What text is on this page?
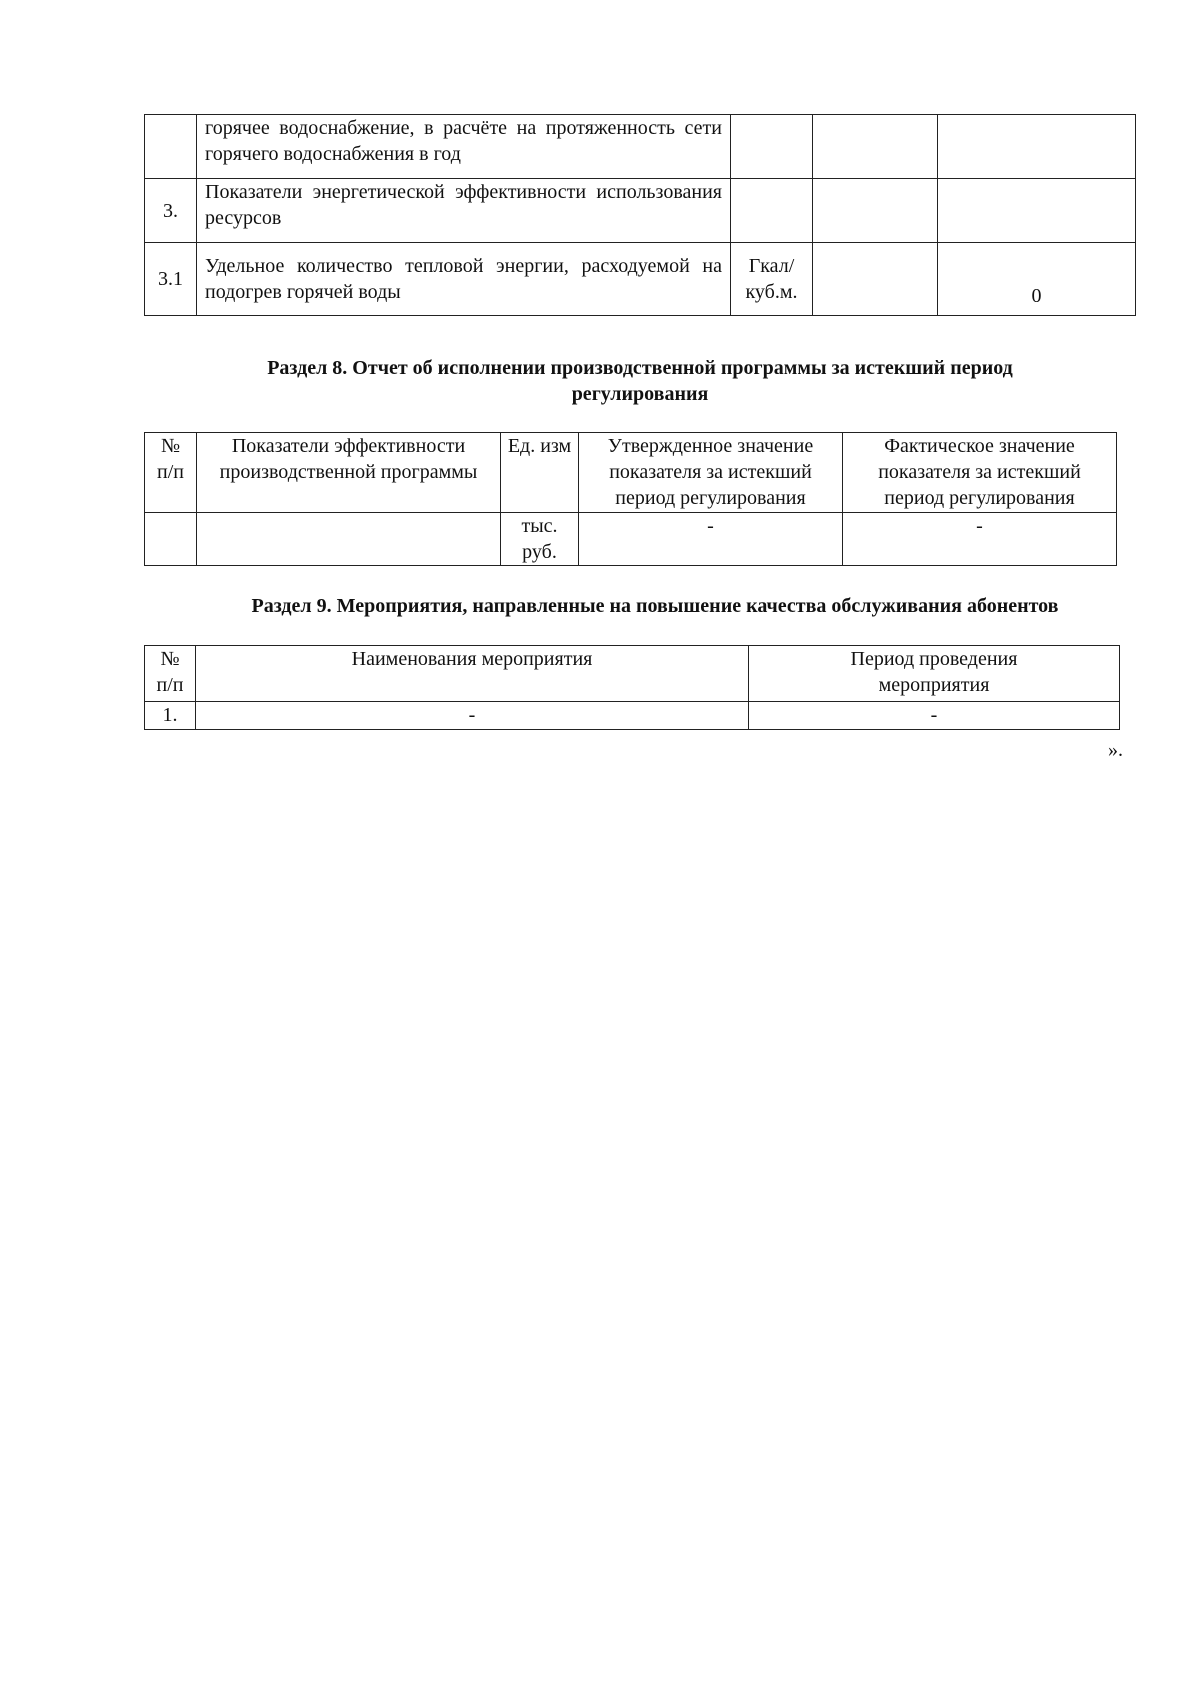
	горячее водоснабжение, в расчёте на протяженность сети горячего водоснабжения в год			
3.	Показатели энергетической эффективности использования ресурсов			
3.1	Удельное количество тепловой энергии, расходуемой на подогрев горячей воды	Гкал/ куб.м.		0
Раздел 8. Отчет об исполнении производственной программы за истекший период регулирования
№ п/п	Показатели эффективности производственной программы	Ед. изм	Утвержденное значение показателя за истекший период регулирования	Фактическое значение показателя за истекший период регулирования
		тыс. руб.	-	-
Раздел 9. Мероприятия, направленные на повышение качества обслуживания абонентов
№ п/п	Наименования мероприятия	Период проведения мероприятия
1.	-	-
».
